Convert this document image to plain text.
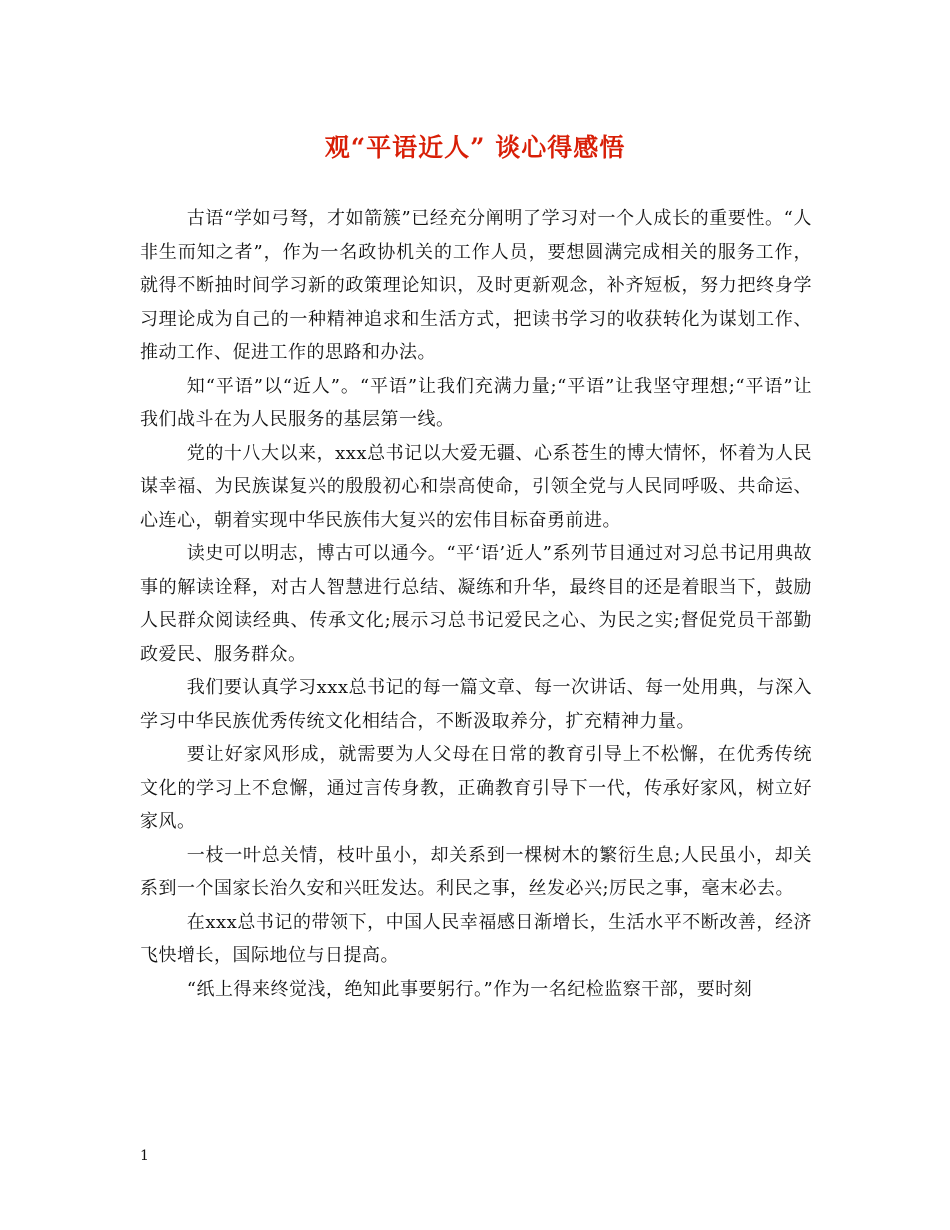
观“平语近人” 谈心得感悟

古语“学如弓弩，才如箭簇”已经充分阐明了学习对一个人成长的重要性。“人非生而知之者”，作为一名政协机关的工作人员，要想圆满完成相关的服务工作，就得不断抽时间学习新的政策理论知识，及时更新观念，补齐短板，努力把终身学习理论成为自己的一种精神追求和生活方式，把读书学习的收获转化为谋划工作、推动工作、促进工作的思路和办法。

知“平语”以“近人”。“平语”让我们充满力量;“平语”让我坚守理想;“平语”让我们战斗在为人民服务的基层第一线。

党的十八大以来，xxx总书记以大爱无疆、心系苍生的博大情怀，怀着为人民谋幸福、为民族谋复兴的殷殷初心和崇高使命，引领全党与人民同呼吸、共命运、心连心，朝着实现中华民族伟大复兴的宏伟目标奋勇前进。

读史可以明志，博古可以通今。“平‘语’近人”系列节目通过对习总书记用典故事的解读诠释，对古人智慧进行总结、凝练和升华，最终目的还是着眼当下，鼓励人民群众阅读经典、传承文化;展示习总书记爱民之心、为民之实;督促党员干部勤政爱民、服务群众。

我们要认真学习xxx总书记的每一篇文章、每一次讲话、每一处用典，与深入学习中华民族优秀传统文化相结合，不断汲取养分，扩充精神力量。

要让好家风形成，就需要为人父母在日常的教育引导上不松懈，在优秀传统文化的学习上不怠懈，通过言传身教，正确教育引导下一代，传承好家风，树立好家风。

一枝一叶总关情，枝叶虽小，却关系到一棵树木的繁衍生息;人民虽小，却关系到一个国家长治久安和兴旺发达。利民之事，丝发必兴;厉民之事，毫末必去。

在xxx总书记的带领下，中国人民幸福感日渐增长，生活水平不断改善，经济飞快增长，国际地位与日提高。

“纸上得来终觉浅，绝知此事要躬行。”作为一名纪检监察干部，要时刻

1
